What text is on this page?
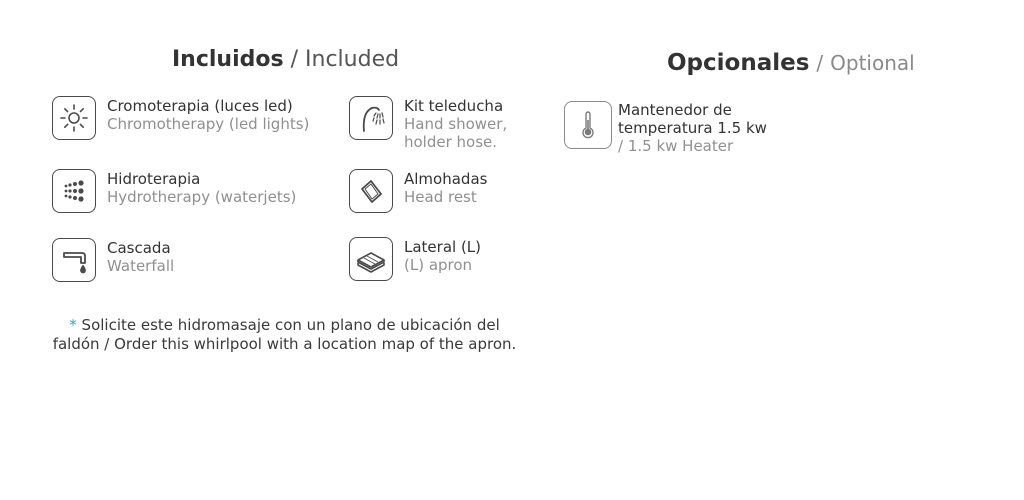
Incluidos / Included	Opcionales / Optional
Cromoterapia (luces led)
Chromotherapy (led lights)
Kit teleducha
Hand shower,
holder hose.
Hidroterapia
Hydrotherapy (waterjets)
Almohadas
Head rest
Cascada
Waterfall
Lateral (L)
(L) apron
* Solicite este hidromasaje con un plano de ubicación del faldón / Order this whirlpool with a location map of the apron.
Mantenedor de
temperatura 1.5 kw
/ 1.5 kw Heater
